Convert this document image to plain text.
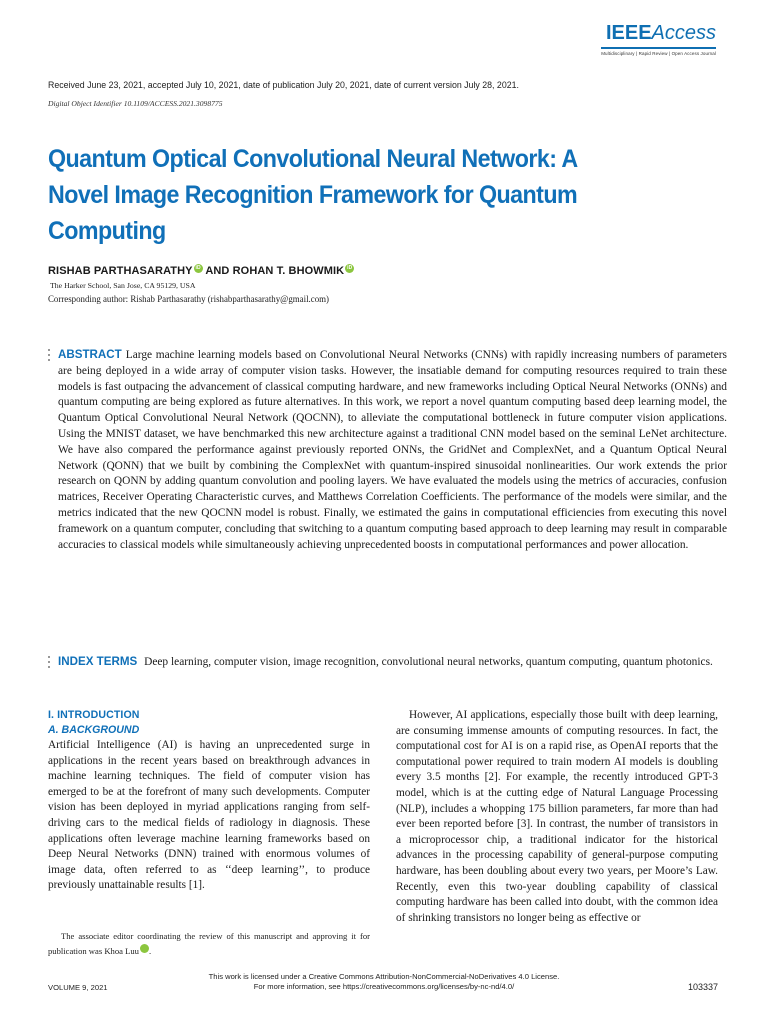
IEEEAccess
Multidisciplinary | Rapid Review | Open Access Journal
Received June 23, 2021, accepted July 10, 2021, date of publication July 20, 2021, date of current version July 28, 2021.
Digital Object Identifier 10.1109/ACCESS.2021.3098775
Quantum Optical Convolutional Neural Network: A Novel Image Recognition Framework for Quantum Computing
RISHAB PARTHASARATHY iD AND ROHAN T. BHOWMIK iD
The Harker School, San Jose, CA 95129, USA
Corresponding author: Rishab Parthasarathy (rishabparthasarathy@gmail.com)

ABSTRACT Large machine learning models based on Convolutional Neural Networks (CNNs) with rapidly increasing numbers of parameters are being deployed in a wide array of computer vision tasks. However, the insatiable demand for computing resources required to train these models is fast outpacing the advancement of classical computing hardware, and new frameworks including Optical Neural Networks (ONNs) and quantum computing are being explored as future alternatives. In this work, we report a novel quantum computing based deep learning model, the Quantum Optical Convolutional Neural Network (QOCNN), to alleviate the computational bottleneck in future computer vision applications. Using the MNIST dataset, we have benchmarked this new architecture against a traditional CNN model based on the seminal LeNet architecture. We have also compared the performance against previously reported ONNs, the GridNet and ComplexNet, and a Quantum Optical Neural Network (QONN) that we built by combining the ComplexNet with quantum-inspired sinusoidal nonlinearities. Our work extends the prior research on QONN by adding quantum convolution and pooling layers. We have evaluated the models using the metrics of accuracies, confusion matrices, Receiver Operating Characteristic curves, and Matthews Correlation Coefficients. The performance of the models were similar, and the metrics indicated that the new QOCNN model is robust. Finally, we estimated the gains in computational efficiencies from executing this novel framework on a quantum computer, concluding that switching to a quantum computing based approach to deep learning may result in comparable accuracies to classical models while simultaneously achieving unprecedented boosts in computational performances and power allocation.

INDEX TERMS Deep learning, computer vision, image recognition, convolutional neural networks, quantum computing, quantum photonics.

I. INTRODUCTION
A. BACKGROUND

Artificial Intelligence (AI) is having an unprecedented surge in applications in the recent years based on breakthrough advances in machine learning techniques. The field of computer vision has emerged to be at the forefront of many such developments. Computer vision has been deployed in myriad applications ranging from self-driving cars to the medical fields of radiology in diagnosis. These applications often leverage machine learning frameworks based on Deep Neural Networks (DNN) trained with enormous volumes of image data, often referred to as ‘‘deep learning’’, to produce previously unattainable results [1].

The associate editor coordinating the review of this manuscript and approving it for publication was Khoa Luu	iD.

However, AI applications, especially those built with deep learning, are consuming immense amounts of computing resources. In fact, the computational cost for AI is on a rapid rise, as OpenAI reports that the computational power required to train modern AI models is doubling every 3.5 months [2]. For example, the recently introduced GPT-3 model, which is at the cutting edge of Natural Language Processing (NLP), includes a whopping 175 billion parameters, far more than had ever been reported before [3]. In contrast, the number of transistors in a microprocessor chip, a traditional indicator for the historical advances in the processing capability of general-purpose computing hardware, has been doubling about every two years, per Moore’s Law. Recently, even this two-year doubling capability of classical computing hardware has been called into doubt, with the common idea of shrinking transistors no longer being as effective or

This work is licensed under a Creative Commons Attribution-NonCommercial-NoDerivatives 4.0 License.
For more information, see https://creativecommons.org/licenses/by-nc-nd/4.0/
VOLUME 9, 2021	103337
